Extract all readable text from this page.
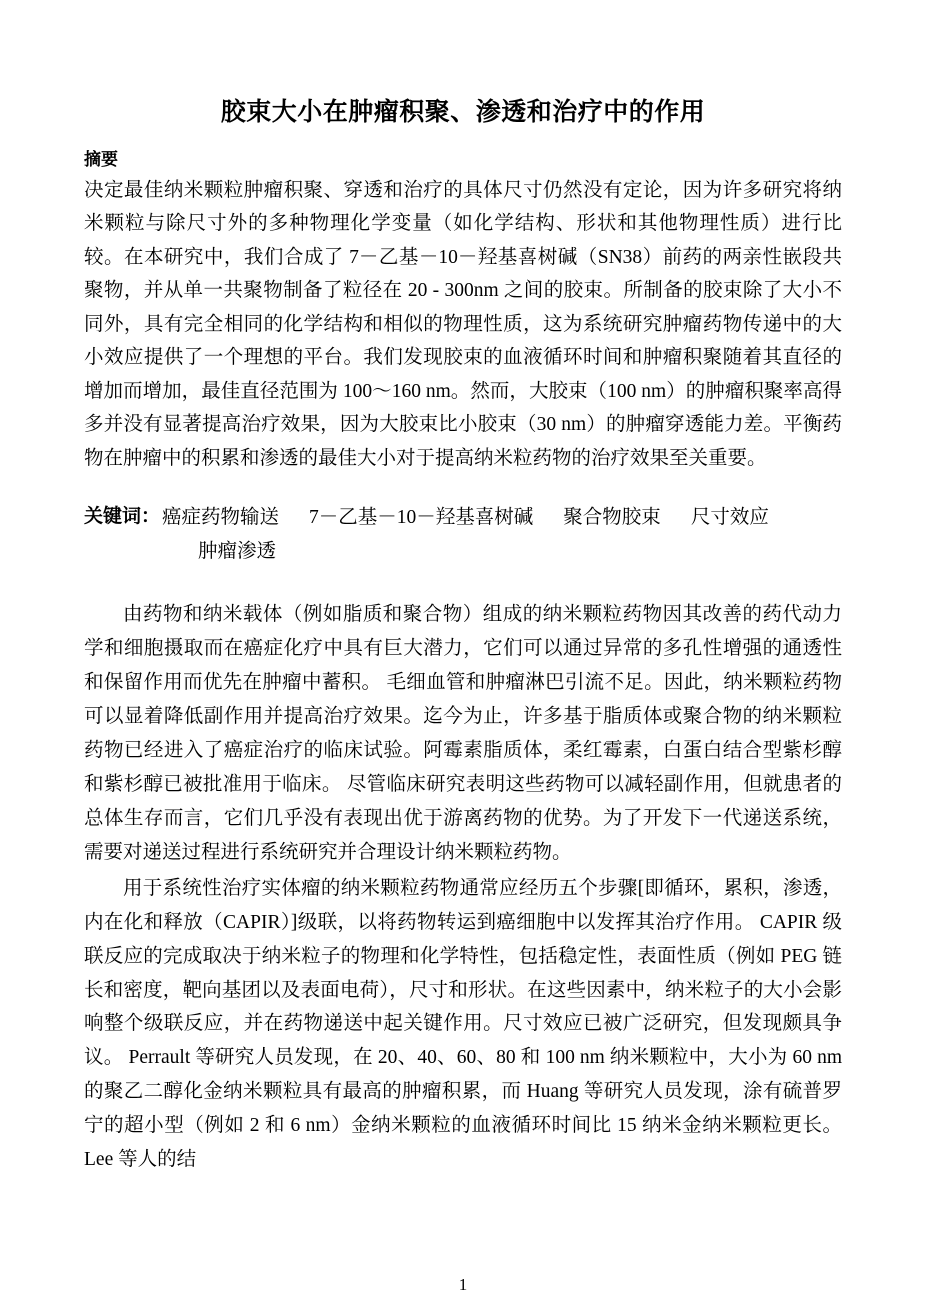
胶束大小在肿瘤积聚、渗透和治疗中的作用
摘要

决定最佳纳米颗粒肿瘤积聚、穿透和治疗的具体尺寸仍然没有定论，因为许多研究将纳米颗粒与除尺寸外的多种物理化学变量（如化学结构、形状和其他物理性质）进行比较。在本研究中，我们合成了 7－乙基－10－羟基喜树碱（SN38）前药的两亲性嵌段共聚物，并从单一共聚物制备了粒径在 20 - 300nm 之间的胶束。所制备的胶束除了大小不同外，具有完全相同的化学结构和相似的物理性质，这为系统研究肿瘤药物传递中的大小效应提供了一个理想的平台。我们发现胶束的血液循环时间和肿瘤积聚随着其直径的增加而增加，最佳直径范围为 100～160 nm。然而，大胶束（100 nm）的肿瘤积聚率高得多并没有显著提高治疗效果，因为大胶束比小胶束（30 nm）的肿瘤穿透能力差。平衡药物在肿瘤中的积累和渗透的最佳大小对于提高纳米粒药物的治疗效果至关重要。

关键词： 癌症药物输送 7－乙基－10－羟基喜树碱 聚合物胶束 尺寸效应
肿瘤渗透

由药物和纳米载体（例如脂质和聚合物）组成的纳米颗粒药物因其改善的药代动力学和细胞摄取而在癌症化疗中具有巨大潜力，它们可以通过异常的多孔性增强的通透性和保留作用而优先在肿瘤中蓄积。 毛细血管和肿瘤淋巴引流不足。因此，纳米颗粒药物可以显着降低副作用并提高治疗效果。迄今为止，许多基于脂质体或聚合物的纳米颗粒药物已经进入了癌症治疗的临床试验。阿霉素脂质体，柔红霉素，白蛋白结合型紫杉醇和紫杉醇已被批准用于临床。 尽管临床研究表明这些药物可以减轻副作用，但就患者的总体生存而言，它们几乎没有表现出优于游离药物的优势。为了开发下一代递送系统，需要对递送过程进行系统研究并合理设计纳米颗粒药物。

用于系统性治疗实体瘤的纳米颗粒药物通常应经历五个步骤[即循环，累积，渗透，内在化和释放（CAPIR）]级联，以将药物转运到癌细胞中以发挥其治疗作用。 CAPIR 级联反应的完成取决于纳米粒子的物理和化学特性，包括稳定性，表面性质（例如 PEG 链长和密度，靶向基团以及表面电荷），尺寸和形状。在这些因素中，纳米粒子的大小会影响整个级联反应，并在药物递送中起关键作用。尺寸效应已被广泛研究，但发现颇具争议。 Perrault 等研究人员发现，在 20、40、60、80 和 100 nm 纳米颗粒中，大小为 60 nm 的聚乙二醇化金纳米颗粒具有最高的肿瘤积累，而 Huang 等研究人员发现，涂有硫普罗宁的超小型（例如 2 和 6 nm）金纳米颗粒的血液循环时间比 15 纳米金纳米颗粒更长。Lee 等人的结

1
